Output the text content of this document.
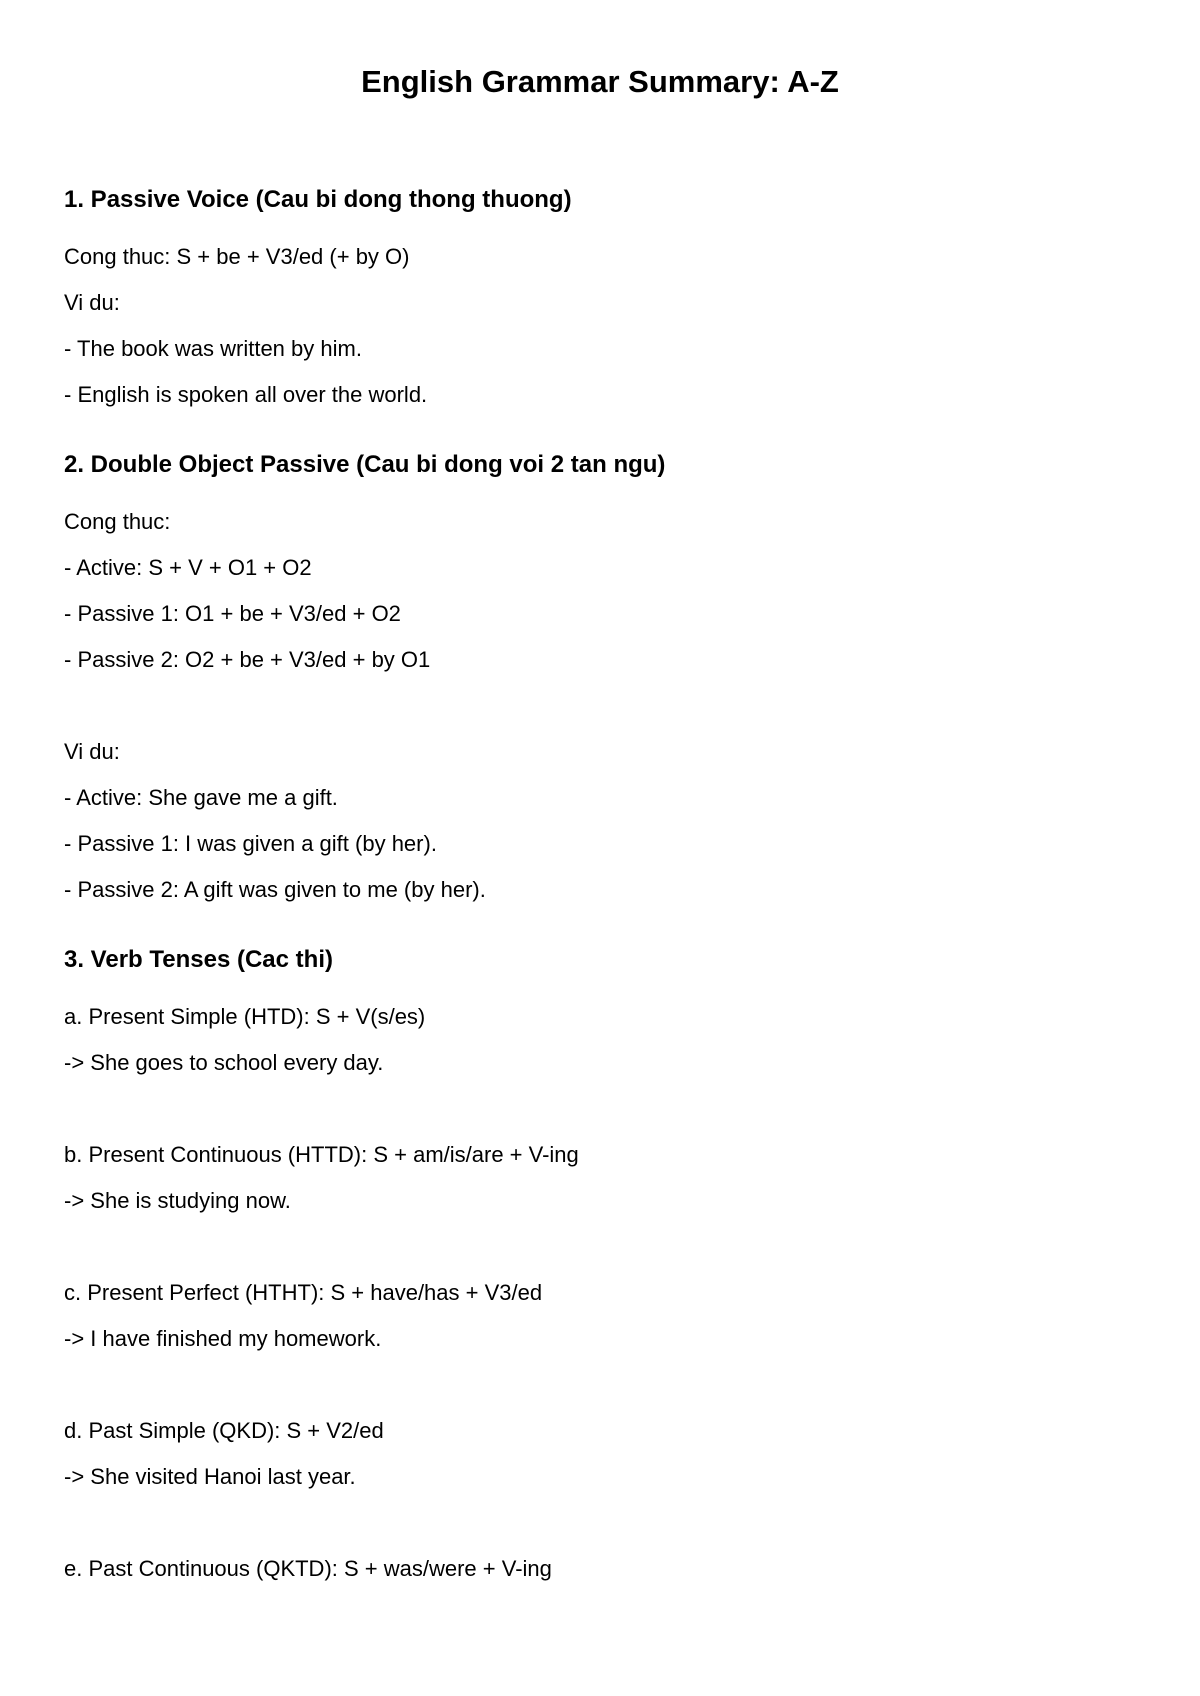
English Grammar Summary: A-Z
1. Passive Voice (Cau bi dong thong thuong)

Cong thuc: S + be + V3/ed (+ by O)

Vi du:

- The book was written by him.

- English is spoken all over the world.

2. Double Object Passive (Cau bi dong voi 2 tan ngu)

Cong thuc:

- Active: S + V + O1 + O2

- Passive 1: O1 + be + V3/ed + O2

- Passive 2: O2 + be + V3/ed + by O1

Vi du:

- Active: She gave me a gift.

- Passive 1: I was given a gift (by her).

- Passive 2: A gift was given to me (by her).

3. Verb Tenses (Cac thi)

a. Present Simple (HTD): S + V(s/es)

-> She goes to school every day.

b. Present Continuous (HTTD): S + am/is/are + V-ing

-> She is studying now.

c. Present Perfect (HTHT): S + have/has + V3/ed

-> I have finished my homework.

d. Past Simple (QKD): S + V2/ed

-> She visited Hanoi last year.

e. Past Continuous (QKTD): S + was/were + V-ing
